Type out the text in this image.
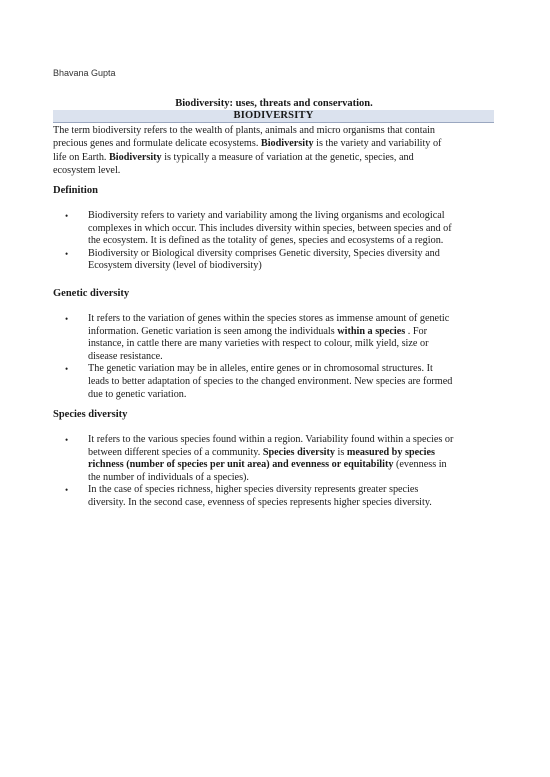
Bhavana Gupta
Biodiversity: uses, threats and conservation.
BIODIVERSITY
The term biodiversity refers to the wealth of plants, animals and micro organisms that contain
precious genes and formulate delicate ecosystems. Biodiversity is the variety and variability of
life on Earth. Biodiversity is typically a measure of variation at the genetic, species, and
ecosystem level.
Definition
• Biodiversity refers to variety and variability among the living organisms and ecological
complexes in which occur. This includes diversity within species, between species and of
the ecosystem. It is defined as the totality of genes, species and ecosystems of a region.
• Biodiversity or Biological diversity comprises Genetic diversity, Species diversity and
Ecosystem diversity (level of biodiversity)
Genetic diversity
• It refers to the variation of genes within the species stores as immense amount of genetic
information. Genetic variation is seen among the individuals within a species . For
instance, in cattle there are many varieties with respect to colour, milk yield, size or
disease resistance.
• The genetic variation may be in alleles, entire genes or in chromosomal structures. It
leads to better adaptation of species to the changed environment. New species are formed
due to genetic variation.
Species diversity
• It refers to the various species found within a region. Variability found within a species or
between different species of a community. Species diversity is measured by species
richness (number of species per unit area) and evenness or equitability (evenness in
the number of individuals of a species).
• In the case of species richness, higher species diversity represents greater species
diversity. In the second case, evenness of species represents higher species diversity.
